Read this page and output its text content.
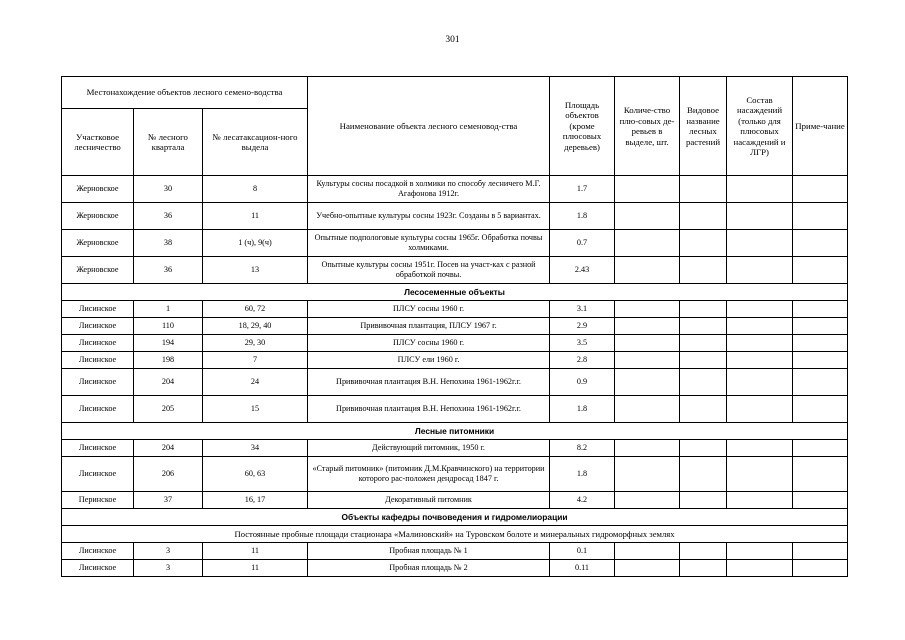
301
Местонахождение объектов лесного семено-водства			Наименование объекта лесного семеновод-ства	Площадь объектов (кроме плюсовых деревьев)	Количе-ство плю-совых де-ревьев в выделе, шт.	Видовое название лесных растений	Состав насаждений (только для плюсовых насаждений и ЛГР)	Приме-чание
Участковое лесничество	№ лесного квартала	№ лесатаксацион-ного выдела						
Жерновское	30	8	Культуры сосны посадкой в холмики по способу лесничего М.Г. Агафонова 1912г.	1.7				
Жерновское	36	11	Учебно-опытные культуры сосны 1923г. Созданы в 5 вариантах.	1.8				
Жерновское	38	1 (ч), 9(ч)	Опытные подпологовые культуры сосны 1965г. Обработка почвы холмиками.	0.7				
Жерновское	36	13	Опытные культуры сосны 1951г. Посев на участ-ках с разной обработкой почвы.	2.43				
Лесосеменные объекты								
Лисинское	1	60, 72	ПЛСУ сосны 1960 г.	3.1				
Лисинское	110	18, 29, 40	Прививочная плантация, ПЛСУ 1967 г.	2.9				
Лисинское	194	29, 30	ПЛСУ сосны 1960 г.	3.5				
Лисинское	198	7	ПЛСУ ели 1960 г.	2.8				
Лисинское	204	24	Прививочная плантация В.Н. Непохина 1961-1962г.г.	0.9				
Лисинское	205	15	Прививочная плантация В.Н. Непохина 1961-1962г.г.	1.8				
Лесные питомники								
Лисинское	204	34	Действующий питомник, 1950 г.	8.2				
Лисинское	206	60, 63	«Старый питомник» (питомник Д.М.Кравчинского) на территории которого рас-положен дендросад 1847 г.	1.8				
Перинское	37	16, 17	Декоративный питомник	4.2				
Объекты кафедры почвоведения и гидромелиорации								
Постоянные пробные площади стационара «Малиновский» на Туровском болоте и минеральных гидроморфных землях								
Лисинское	3	11	Пробная площадь № 1	0.1				
Лисинское	3	11	Пробная площадь № 2	0.11				
